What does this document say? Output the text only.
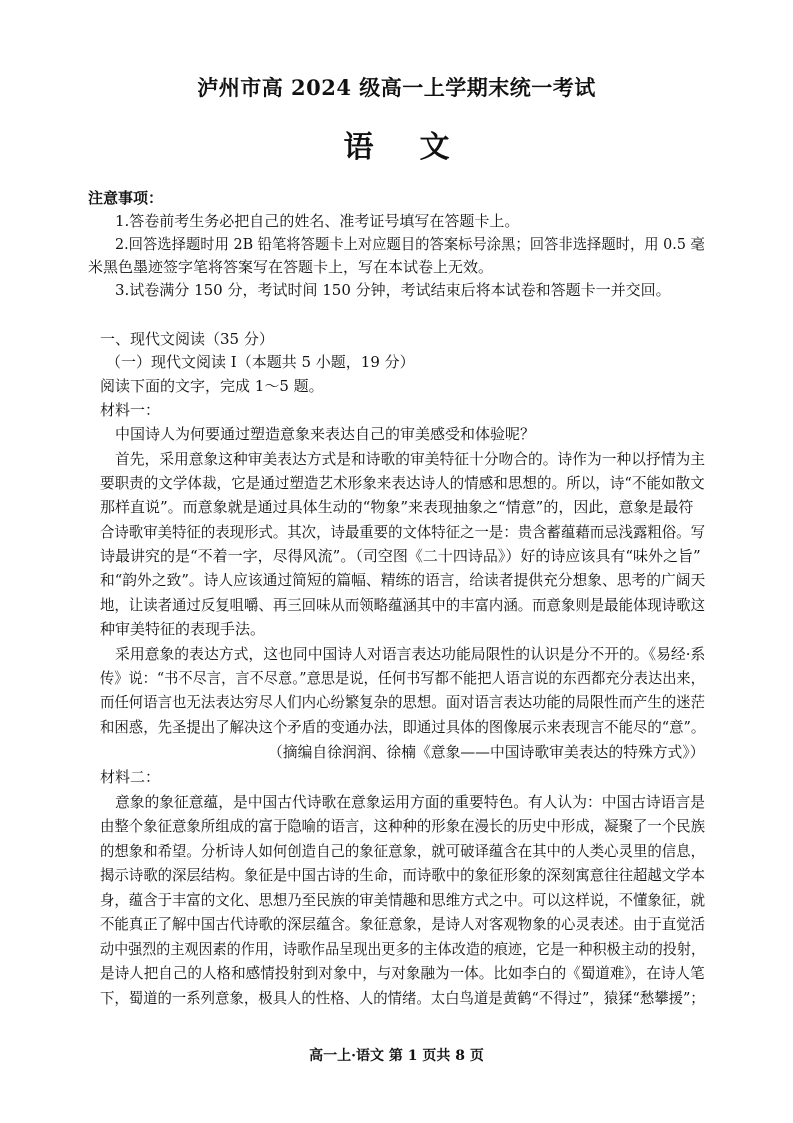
泸州市高 2024 级高一上学期末统一考试
语文
注意事项：
1.答卷前考生务必把自己的姓名、准考证号填写在答题卡上。
2.回答选择题时用 2B 铅笔将答题卡上对应题目的答案标号涂黑；回答非选择题时，用 0.5 毫
米黑色墨迹签字笔将答案写在答题卡上，写在本试卷上无效。
3.试卷满分 150 分，考试时间 150 分钟，考试结束后将本试卷和答题卡一并交回。
一、现代文阅读（35 分）
（一）现代文阅读 I（本题共 5 小题，19 分）
阅读下面的文字，完成 1～5 题。
材料一：
中国诗人为何要通过塑造意象来表达自己的审美感受和体验呢？
首先，采用意象这种审美表达方式是和诗歌的审美特征十分吻合的。诗作为一种以抒情为主
要职责的文学体裁，它是通过塑造艺术形象来表达诗人的情感和思想的。所以，诗“不能如散文
那样直说”。而意象就是通过具体生动的“物象”来表现抽象之“情意”的，因此，意象是最符
合诗歌审美特征的表现形式。其次，诗最重要的文体特征之一是：贵含蓄蕴藉而忌浅露粗俗。写
诗最讲究的是“不着一字，尽得风流”。（司空图《二十四诗品》）好的诗应该具有“味外之旨”
和“韵外之致”。诗人应该通过简短的篇幅、精练的语言，给读者提供充分想象、思考的广阔天
地，让读者通过反复咀嚼、再三回味从而领略蕴涵其中的丰富内涵。而意象则是最能体现诗歌这
种审美特征的表现手法。
采用意象的表达方式，这也同中国诗人对语言表达功能局限性的认识是分不开的。《易经·系
传》说：“书不尽言，言不尽意。”意思是说，任何书写都不能把人语言说的东西都充分表达出来，
而任何语言也无法表达穷尽人们内心纷繁复杂的思想。面对语言表达功能的局限性而产生的迷茫
和困惑，先圣提出了解决这个矛盾的变通办法，即通过具体的图像展示来表现言不能尽的“意”。
（摘编自徐润润、徐楠《意象——中国诗歌审美表达的特殊方式》）
材料二：
意象的象征意蕴，是中国古代诗歌在意象运用方面的重要特色。有人认为：中国古诗语言是
由整个象征意象所组成的富于隐喻的语言，这种种的形象在漫长的历史中形成，凝聚了一个民族
的想象和希望。分析诗人如何创造自己的象征意象，就可破译蕴含在其中的人类心灵里的信息，
揭示诗歌的深层结构。象征是中国古诗的生命，而诗歌中的象征形象的深刻寓意往往超越文学本
身，蕴含于丰富的文化、思想乃至民族的审美情趣和思维方式之中。可以这样说，不懂象征，就
不能真正了解中国古代诗歌的深层蕴含。象征意象，是诗人对客观物象的心灵表述。由于直觉活
动中强烈的主观因素的作用，诗歌作品呈现出更多的主体改造的痕迹，它是一种积极主动的投射，
是诗人把自己的人格和感情投射到对象中，与对象融为一体。比如李白的《蜀道难》，在诗人笔
下，蜀道的一系列意象，极具人的性格、人的情绪。太白鸟道是黄鹤“不得过”，猿猱“愁攀援”；
高一上·语文 第 1 页共 8 页
